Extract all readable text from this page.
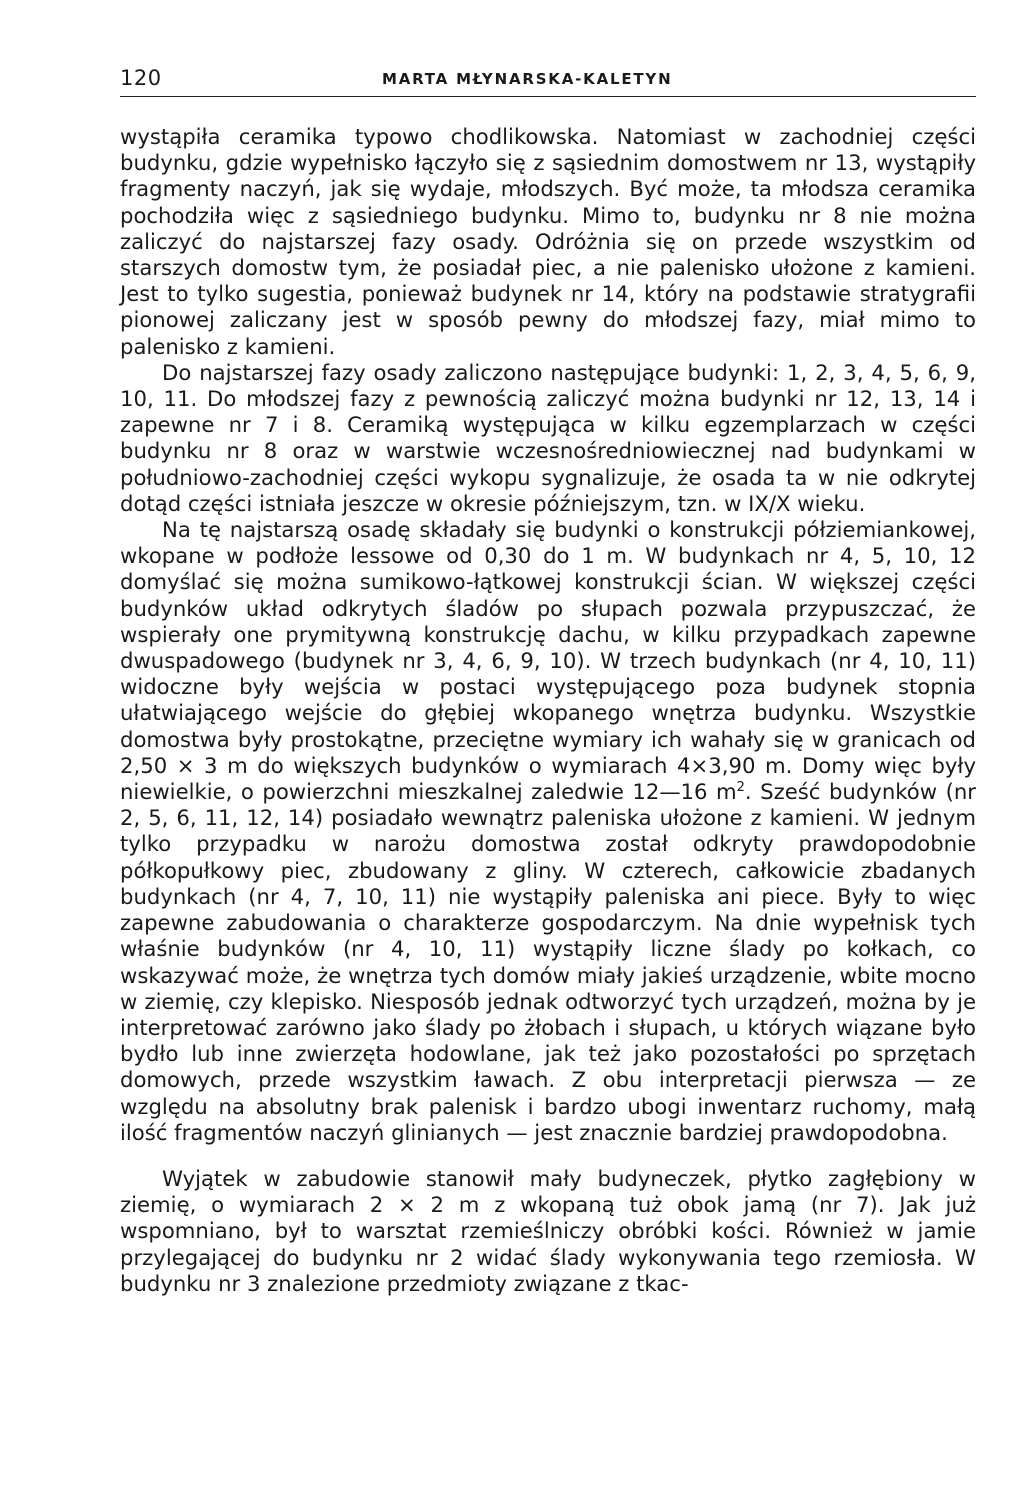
120	MARTA MŁYNARSKA-KALETYN

wystąpiła ceramika typowo chodlikowska. Natomiast w zachodniej części budynku, gdzie wypełnisko łączyło się z sąsiednim domostwem nr 13, wystąpiły fragmenty naczyń, jak się wydaje, młodszych. Być może, ta młodsza ceramika pochodziła więc z sąsiedniego budynku. Mimo to, budynku nr 8 nie można zaliczyć do najstarszej fazy osady. Odróżnia się on przede wszystkim od starszych domostw tym, że posiadał piec, a nie palenisko ułożone z kamieni. Jest to tylko sugestia, ponieważ budynek nr 14, który na podstawie stratygrafii pionowej zaliczany jest w sposób pewny do młodszej fazy, miał mimo to palenisko z kamieni.

Do najstarszej fazy osady zaliczono następujące budynki: 1, 2, 3, 4, 5, 6, 9, 10, 11. Do młodszej fazy z pewnością zaliczyć można budynki nr 12, 13, 14 i zapewne nr 7 i 8. Ceramiką występująca w kilku egzemplarzach w części budynku nr 8 oraz w warstwie wczesnośredniowiecznej nad budynkami w południowo-zachodniej części wykopu sygnalizuje, że osada ta w nie odkrytej dotąd części istniała jeszcze w okresie późniejszym, tzn. w IX/X wieku.

Na tę najstarszą osadę składały się budynki o konstrukcji półziemiankowej, wkopane w podłoże lessowe od 0,30 do 1 m. W budynkach nr 4, 5, 10, 12 domyślać się można sumikowo-łątkowej konstrukcji ścian. W większej części budynków układ odkrytych śladów po słupach pozwala przypuszczać, że wspierały one prymitywną konstrukcję dachu, w kilku przypadkach zapewne dwuspadowego (budynek nr 3, 4, 6, 9, 10). W trzech budynkach (nr 4, 10, 11) widoczne były wejścia w postaci występującego poza budynek stopnia ułatwiającego wejście do głębiej wkopanego wnętrza budynku. Wszystkie domostwa były prostokątne, przeciętne wymiary ich wahały się w granicach od 2,50 × 3 m do większych budynków o wymiarach 4×3,90 m. Domy więc były niewielkie, o powierzchni mieszkalnej zaledwie 12—16 $m^2$. Sześć budynków (nr 2, 5, 6, 11, 12, 14) posiadało wewnątrz paleniska ułożone z kamieni. W jednym tylko przypadku w narożu domostwa został odkryty prawdopodobnie półkopułkowy piec, zbudowany z gliny. W czterech, całkowicie zbadanych budynkach (nr 4, 7, 10, 11) nie wystąpiły paleniska ani piece. Były to więc zapewne zabudowania o charakterze gospodarczym. Na dnie wypełnisk tych właśnie budynków (nr 4, 10, 11) wystąpiły liczne ślady po kołkach, co wskazywać może, że wnętrza tych domów miały jakieś urządzenie, wbite mocno w ziemię, czy klepisko. Niesposób jednak odtworzyć tych urządzeń, można by je interpretować zarówno jako ślady po żłobach i słupach, u których wiązane było bydło lub inne zwierzęta hodowlane, jak też jako pozostałości po sprzętach domowych, przede wszystkim ławach. Z obu interpretacji pierwsza — ze względu na absolutny brak palenisk i bardzo ubogi inwentarz ruchomy, małą ilość fragmentów naczyń glinianych — jest znacznie bardziej prawdopodobna.

Wyjątek w zabudowie stanowił mały budyneczek, płytko zagłębiony w ziemię, o wymiarach 2 × 2 m z wkopaną tuż obok jamą (nr 7). Jak już wspomniano, był to warsztat rzemieślniczy obróbki kości. Również w jamie przylegającej do budynku nr 2 widać ślady wykonywania tego rzemiosła. W budynku nr 3 znalezione przedmioty związane z tkac-
